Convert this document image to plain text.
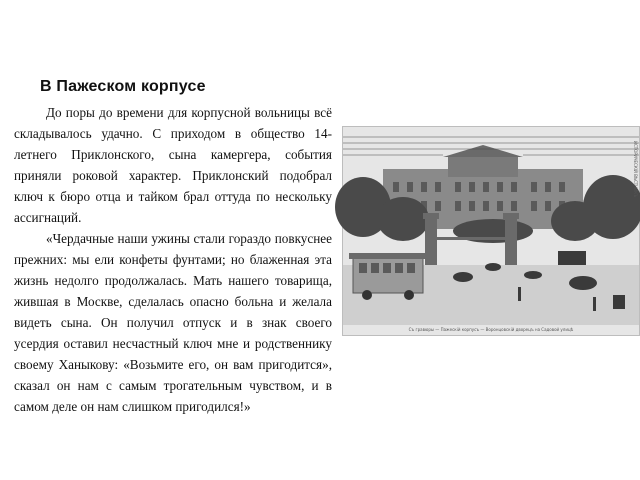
В Пажеском корпусе

До поры до времени для корпусной вольницы всё складывалось удачно. С приходом в общество 14-летнего Приклонского, сына камергера, события приняли роковой характер. Приклонский подобрал ключ к бюро отца и тайком брал оттуда по нескольку ассигнаций.

«Чердачные наши ужины стали гораздо повкуснее прежних: мы ели конфеты фунтами; но блаженная эта жизнь недолго продолжалась. Мать нашего товарища, жившая в Москве, сделалась опасно больна и желала видеть сына. Он получил отпуск и в знак своего усердия оставил несчастный ключ мне и родственнику своему Ханыкову: «Возьмите его, он вам пригодится», сказал он нам с самым трогательным чувством, и в самом деле он нам слишком пригодился!»

ИСТОРИЧЕСКІЙ ВѢСТНИКЪ
Съ гравюры — Пажескій корпусъ — Воронцовскій дворецъ на Садовой улицѣ
